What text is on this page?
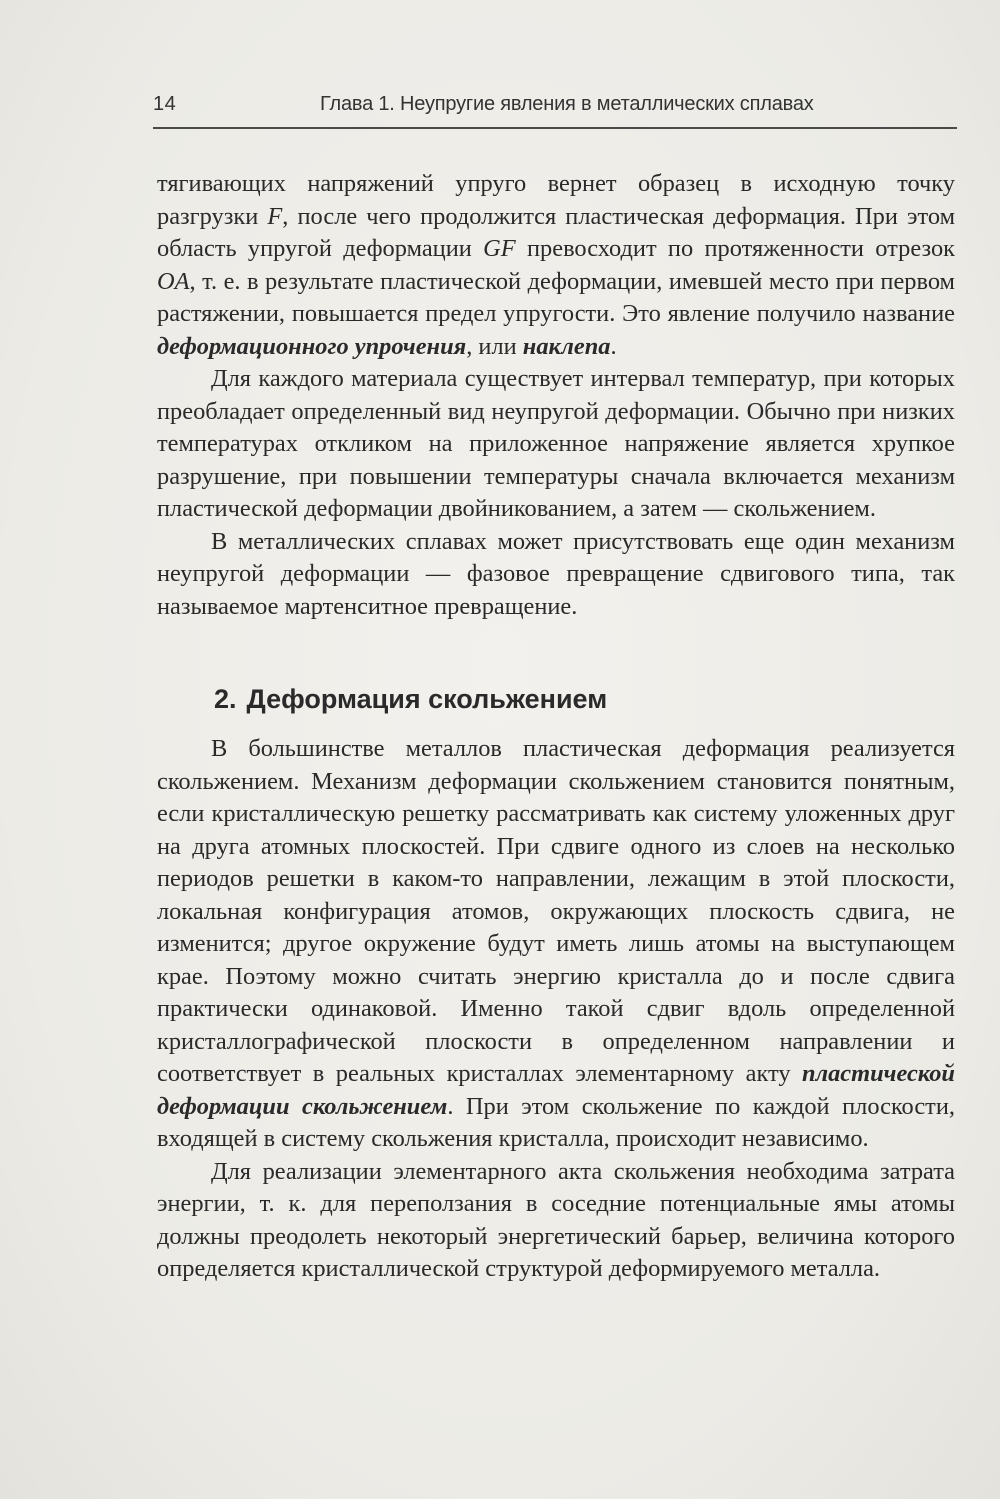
14	Глава 1. Неупругие явления в металлических сплавах

тягивающих напряжений упруго вернет образец в исходную точку разгрузки F, после чего продолжится пластическая деформация. При этом область упругой деформации GF превосходит по протяженности отрезок OA, т. е. в результате пластической деформации, имевшей место при первом растяжении, повышается предел упругости. Это явление получило название деформационного упрочения, или наклепа.

Для каждого материала существует интервал температур, при которых преобладает определенный вид неупругой деформации. Обычно при низких температурах откликом на приложенное напряжение является хрупкое разрушение, при повышении температуры сначала включается механизм пластической деформации двойникованием, а затем — скольжением.

В металлических сплавах может присутствовать еще один механизм неупругой деформации — фазовое превращение сдвигового типа, так называемое мартенситное превращение.

2. Деформация скольжением

В большинстве металлов пластическая деформация реализуется скольжением. Механизм деформации скольжением становится понятным, если кристаллическую решетку рассматривать как систему уложенных друг на друга атомных плоскостей. При сдвиге одного из слоев на несколько периодов решетки в каком-то направлении, лежащим в этой плоскости, локальная конфигурация атомов, окружающих плоскость сдвига, не изменится; другое окружение будут иметь лишь атомы на выступающем крае. Поэтому можно считать энергию кристалла до и после сдвига практически одинаковой. Именно такой сдвиг вдоль определенной кристаллографической плоскости в определенном направлении и соответствует в реальных кристаллах элементарному акту пластической деформации скольжением. При этом скольжение по каждой плоскости, входящей в систему скольжения кристалла, происходит независимо.

Для реализации элементарного акта скольжения необходима затрата энергии, т. к. для переползания в соседние потенциальные ямы атомы должны преодолеть некоторый энергетический барьер, величина которого определяется кристаллической структурой деформируемого металла.
